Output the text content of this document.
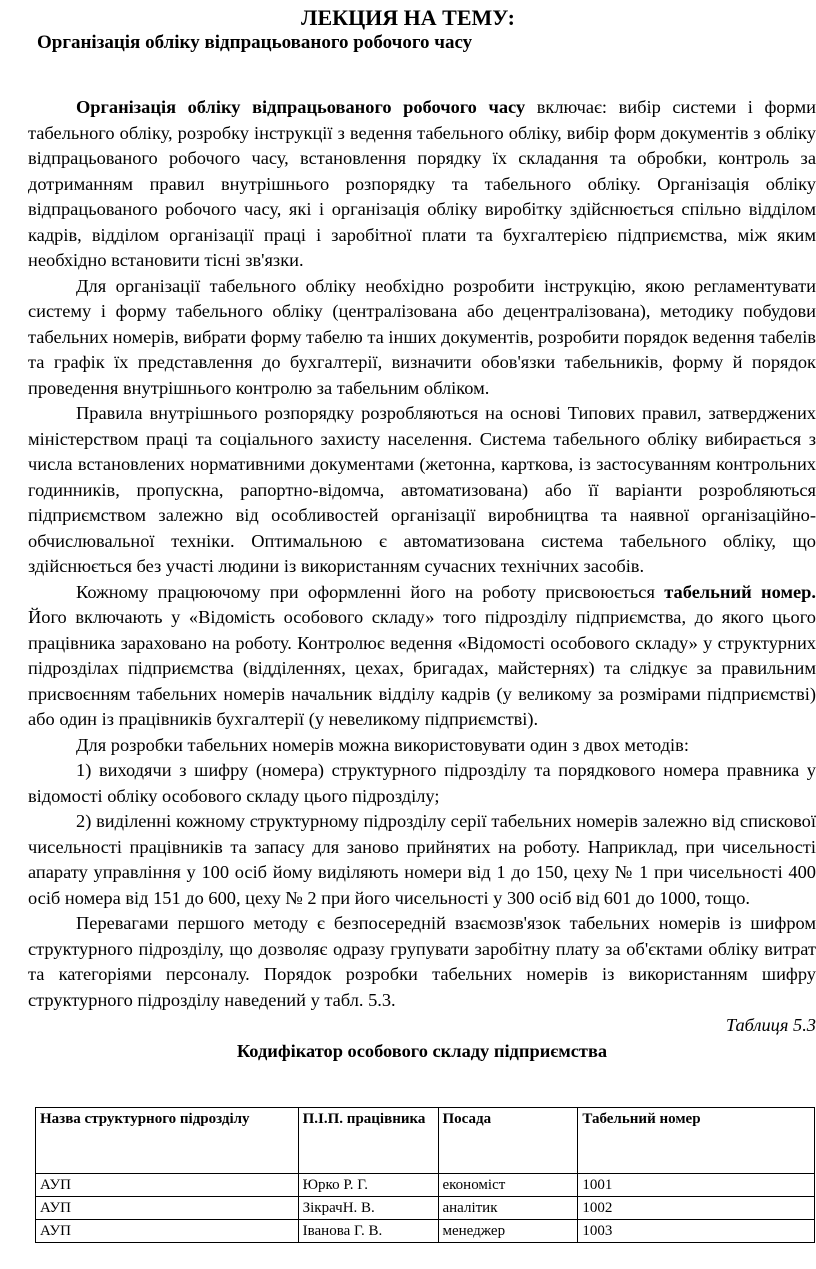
ЛЕКЦИЯ НА ТЕМУ:
Організація обліку відпрацьованого робочого часу

Організація обліку відпрацьованого робочого часу включає: вибір системи і форми табельного обліку, розробку інструкції з ведення табельного обліку, вибір форм документів з обліку відпрацьованого робочого часу, встановлення порядку їх складання та обробки, контроль за дотриманням правил внутрішнього розпорядку та табельного обліку. Організація обліку відпрацьованого робочого часу, які і організація обліку виробітку здійснюється спільно відділом кадрів, відділом організації праці і заробітної плати та бухгалтерією підприємства, між яким необхідно встановити тісні зв'язки.

Для організації табельного обліку необхідно розробити інструкцію, якою регламентувати систему і форму табельного обліку (централізована або децентралізована), методику побудови табельних номерів, вибрати форму табелю та інших документів, розробити порядок ведення табелів та графік їх представлення до бухгалтерії, визначити обов'язки табельників, форму й порядок проведення внутрішнього контролю за табельним обліком.

Правила внутрішнього розпорядку розробляються на основі Типових правил, затверджених міністерством праці та соціального захисту населення. Система табельного обліку вибирається з числа встановлених нормативними документами (жетонна, карткова, із застосуванням контрольних годинників, пропускна, рапортно-відомча, автоматизована) або її варіанти розробляються підприємством залежно від особливостей організації виробництва та наявної організаційно-обчислювальної техніки. Оптимальною є автоматизована система табельного обліку, що здійснюється без участі людини із використанням сучасних технічних засобів.

Кожному працюючому при оформленні його на роботу присвоюється табельний номер. Його включають у «Відомість особового складу» того підрозділу підприємства, до якого цього працівника зараховано на роботу. Контролює ведення «Відомості особового складу» у структурних підрозділах підприємства (відділеннях, цехах, бригадах, майстернях) та слідкує за правильним присвоєнням табельних номерів начальник відділу кадрів (у великому за розмірами підприємстві) або один із працівників бухгалтерії (у невеликому підприємстві).

Для розробки табельних номерів можна використовувати один з двох методів:

1) виходячи з шифру (номера) структурного підрозділу та порядкового номера правника у відомості обліку особового складу цього підрозділу;

2) виділенні кожному структурному підрозділу серії табельних номерів залежно від спискової чисельності працівників та запасу для заново прийнятих на роботу. Наприклад, при чисельності апарату управління у 100 осіб йому виділяють номери від 1 до 150, цеху № 1 при чисельності 400 осіб номера від 151 до 600, цеху № 2 при його чисельності у 300 осіб від 601 до 1000, тощо.

Перевагами першого методу є безпосередній взаємозв'язок табельних номерів із шифром структурного підрозділу, що дозволяє одразу групувати заробітну плату за об'єктами обліку витрат та категоріями персоналу. Порядок розробки табельних номерів із використанням шифру структурного підрозділу наведений у табл. 5.3.

Таблиця 5.3

Кодифікатор особового складу підприємства

Назва структурного підрозділу	П.І.П. працівника	Посада	Табельний номер
АУП	Юрко Р. Г.	економіст	1001
АУП	ЗікрачН. В.	аналітик	1002
АУП	Іванова Г. В.	менеджер	1003
